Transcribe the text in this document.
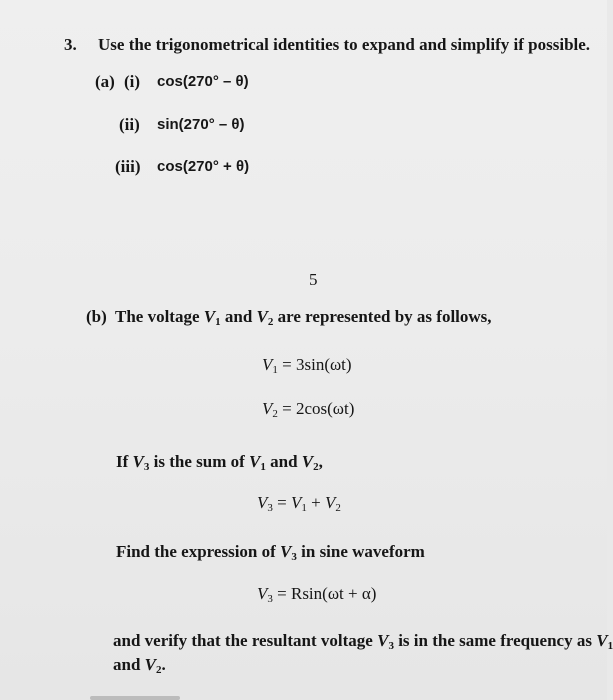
3. Use the trigonometrical identities to expand and simplify if possible.
(a) (i) cos(270° – θ)
(ii) sin(270° – θ)
(iii) cos(270° + θ)
5
(b) The voltage $V_1$ and $V_2$ are represented by as follows,
$V_1 = 3\sin(\omega t)$
$V_2 = 2\cos(\omega t)$
If $V_3$ is the sum of $V_1$ and $V_2$,
$V_3 = V_1 + V_2$
Find the expression of $V_3$ in sine waveform
$V_3 = Rsin(\omega t + \alpha)$
and verify that the resultant voltage $V_3$ is in the same frequency as $V_1$
and $V_2$.
